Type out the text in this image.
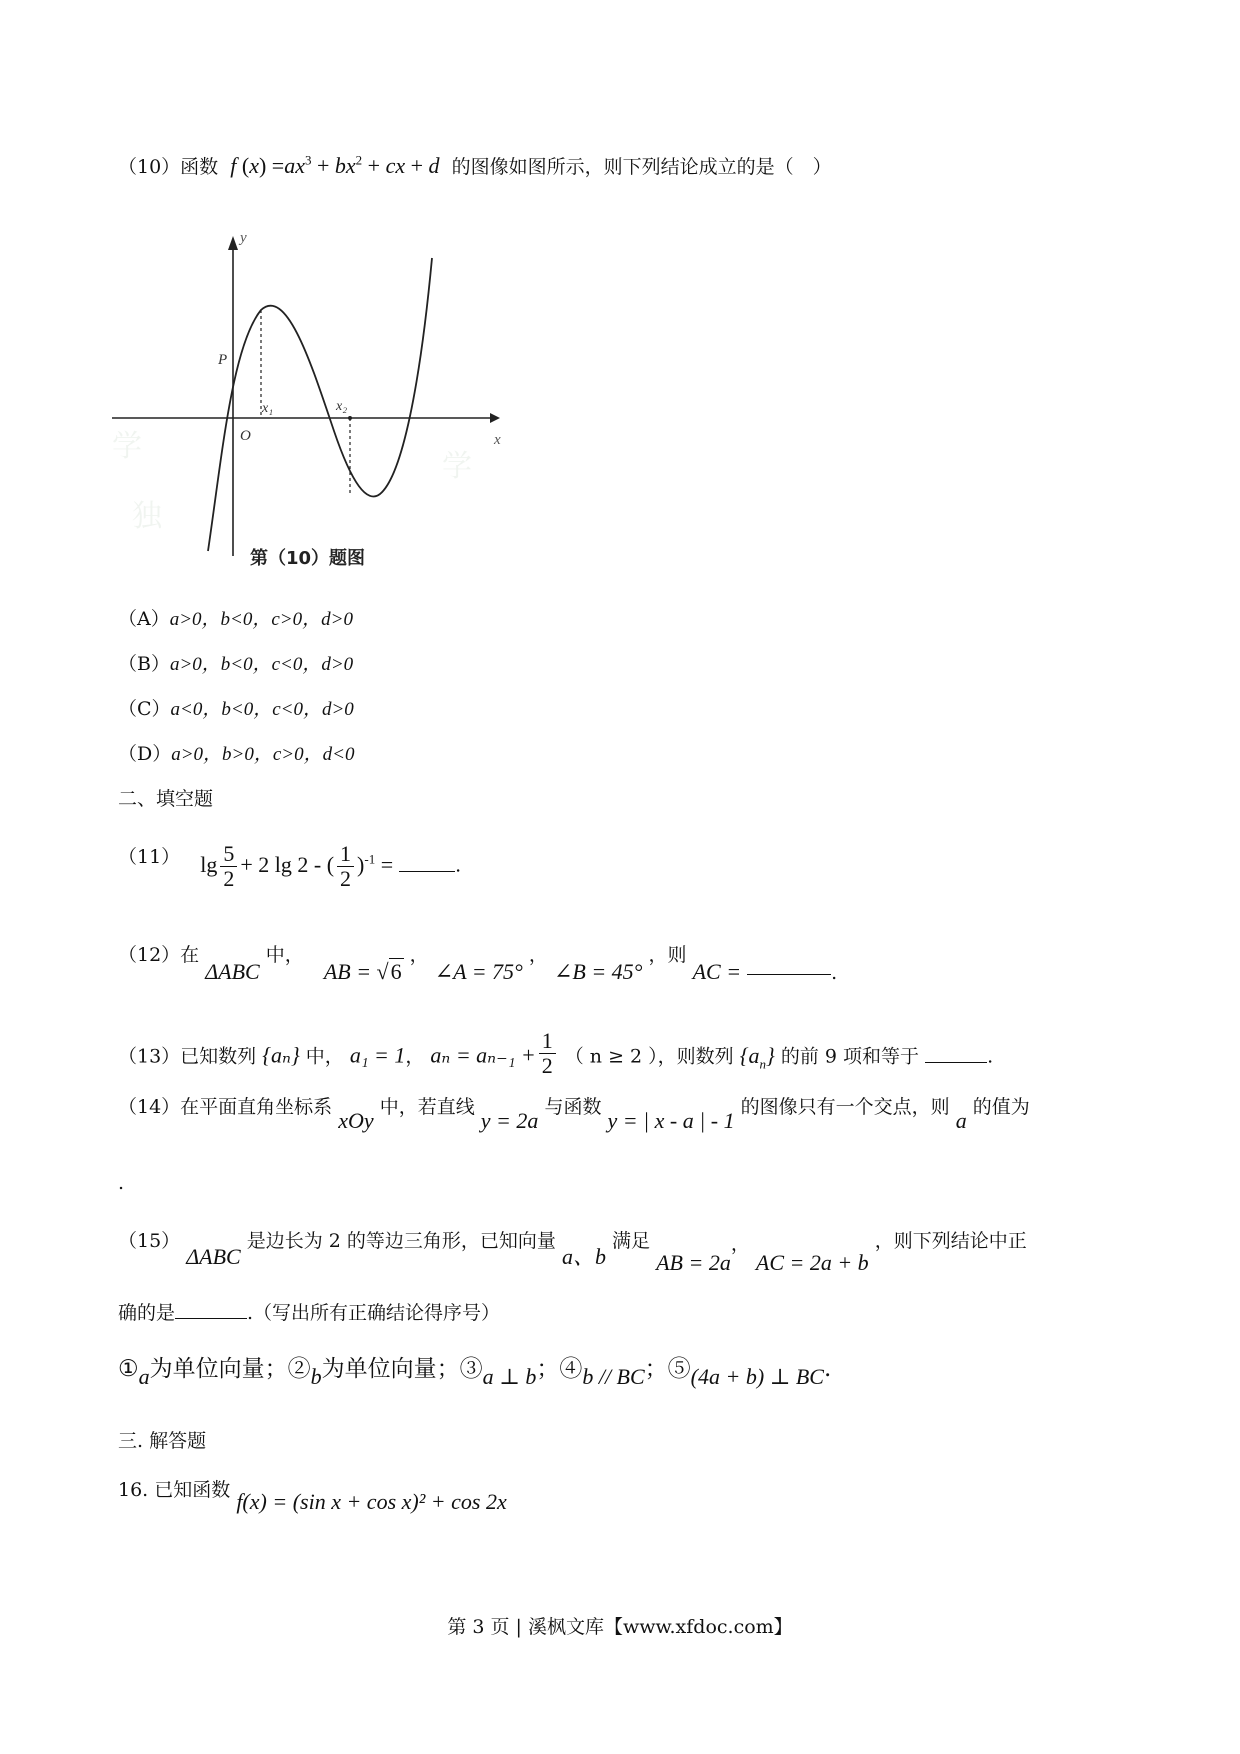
（10）函数 f $(x) =ax^3 + bx^2$ + cx + d 的图像如图所示，则下列结论成立的是（　）
学
独
学
y
x
P
O
x₁	x₂
第（10）题图
（A）a>0，b<0，c>0，d>0
（B）a>0，b<0，c<0，d>0
（C）a<0，b<0，c<0，d>0
（D）a>0，b>0，c>0，d<0
二、填空题
（11） $\lg \frac{5}{2} + 2$ lg 2 - ( $\frac{1}{2} )^{-1}$ =	.
（12）在 ΔABC 中， AB = √6 ， ∠A = 75° ， ∠B = 45° ，则 AC =	.
（13）已知数列 {aₙ} 中， a₁ = 1， $a_n = a_{n-1} + \frac{1}{2}$ （ n ≥ 2 ），则数列 $\{a_n\}$ 的前 9 项和等于	.
（14）在平面直角坐标系 xOy 中，若直线 y = 2a 与函数 y = | x - a | - 1 的图像只有一个交点，则 a 的值为
.
（15） ΔABC 是边长为 2 的等边三角形，已知向量 a、b 满足 AB = 2a， AC = 2a + b ，则下列结论中正
确的是	.（写出所有正确结论得序号）
①a为单位向量；②b为单位向量；③a ⊥ b；④b // BC；⑤(4a + b) ⊥ BC.
三. 解答题
16. 已知函数 f(x) = (sin x + cos x)² + cos 2x
第 3 页 | 溪枫文库【www.xfdoc.com】
